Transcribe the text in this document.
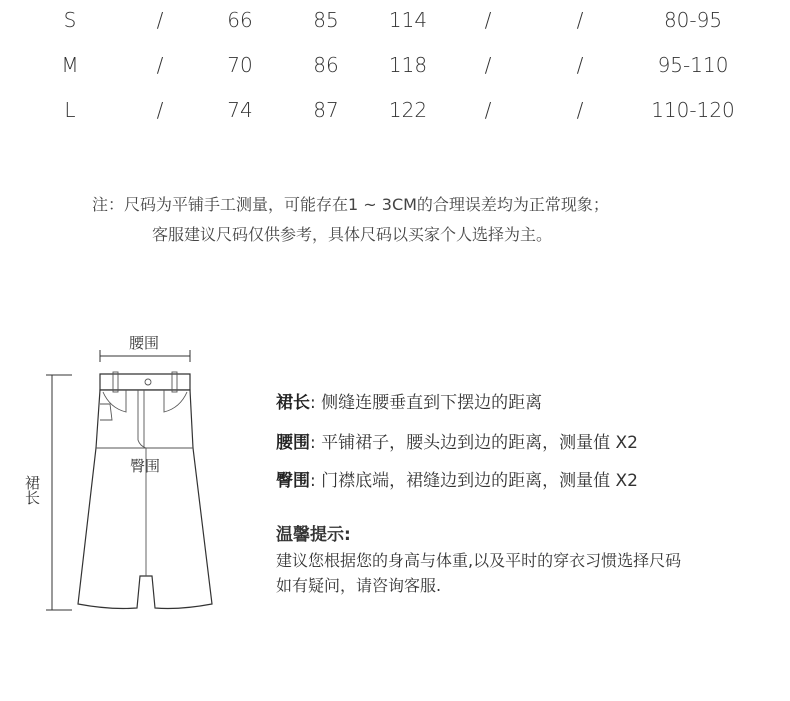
S	/	66	85	114	/	/	80-95
M	/	70	86	118	/	/	95-110
L	/	74	87	122	/	/	110-120
注：尺码为平铺手工测量，可能存在1 ~ 3CM的合理误差均为正常现象；
客服建议尺码仅供参考，具体尺码以买家个人选择为主。
腰围
裙长
臀围
裙长: 侧缝连腰垂直到下摆边的距离
腰围: 平铺裙子，腰头边到边的距离，测量值 X2
臀围: 门襟底端，裙缝边到边的距离，测量值 X2
温馨提示:
建议您根据您的身高与体重,以及平时的穿衣习惯选择尺码
如有疑问，请咨询客服.
